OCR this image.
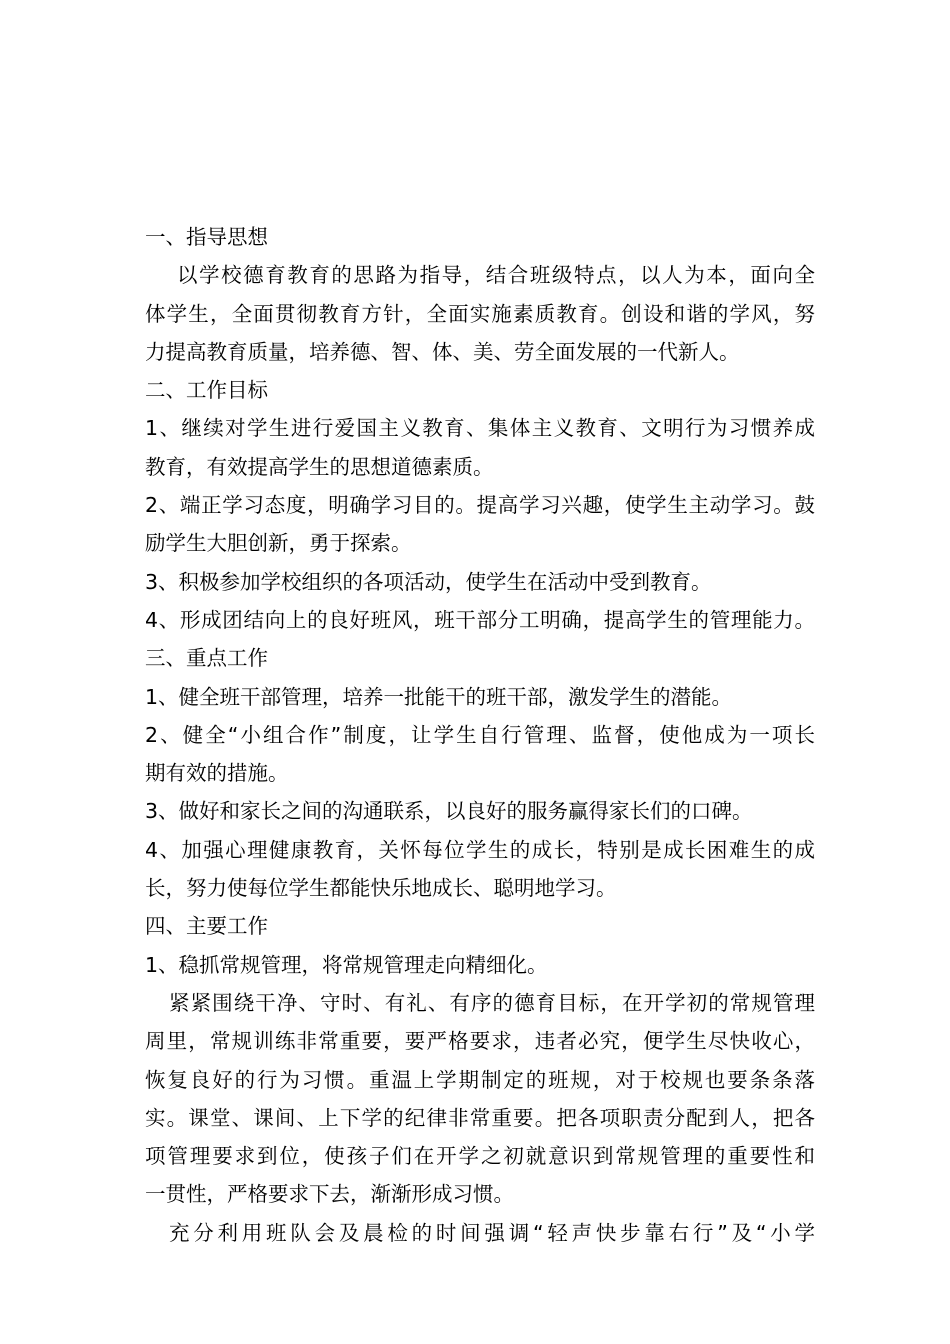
一、指导思想
以学校德育教育的思路为指导，结合班级特点，以人为本，面向全
体学生，全面贯彻教育方针，全面实施素质教育。创设和谐的学风，努
力提高教育质量，培养德、智、体、美、劳全面发展的一代新人。
二、工作目标
1、继续对学生进行爱国主义教育、集体主义教育、文明行为习惯养成
教育，有效提高学生的思想道德素质。
2、端正学习态度，明确学习目的。提高学习兴趣，使学生主动学习。鼓
励学生大胆创新，勇于探索。
3、积极参加学校组织的各项活动，使学生在活动中受到教育。
4、形成团结向上的良好班风，班干部分工明确，提高学生的管理能力。
三、重点工作
1、健全班干部管理，培养一批能干的班干部，激发学生的潜能。
2、健全“小组合作”制度，让学生自行管理、监督，使他成为一项长
期有效的措施。
3、做好和家长之间的沟通联系，以良好的服务赢得家长们的口碑。
4、加强心理健康教育，关怀每位学生的成长，特别是成长困难生的成
长，努力使每位学生都能快乐地成长、聪明地学习。
四、主要工作
1、稳抓常规管理，将常规管理走向精细化。
紧紧围绕干净、守时、有礼、有序的德育目标，在开学初的常规管理
周里，常规训练非常重要，要严格要求，违者必究，便学生尽快收心，
恢复良好的行为习惯。重温上学期制定的班规，对于校规也要条条落
实。课堂、课间、上下学的纪律非常重要。把各项职责分配到人，把各
项管理要求到位，使孩子们在开学之初就意识到常规管理的重要性和
一贯性，严格要求下去，渐渐形成习惯。
充分利用班队会及晨检的时间强调“轻声快步靠右行”及“小学
